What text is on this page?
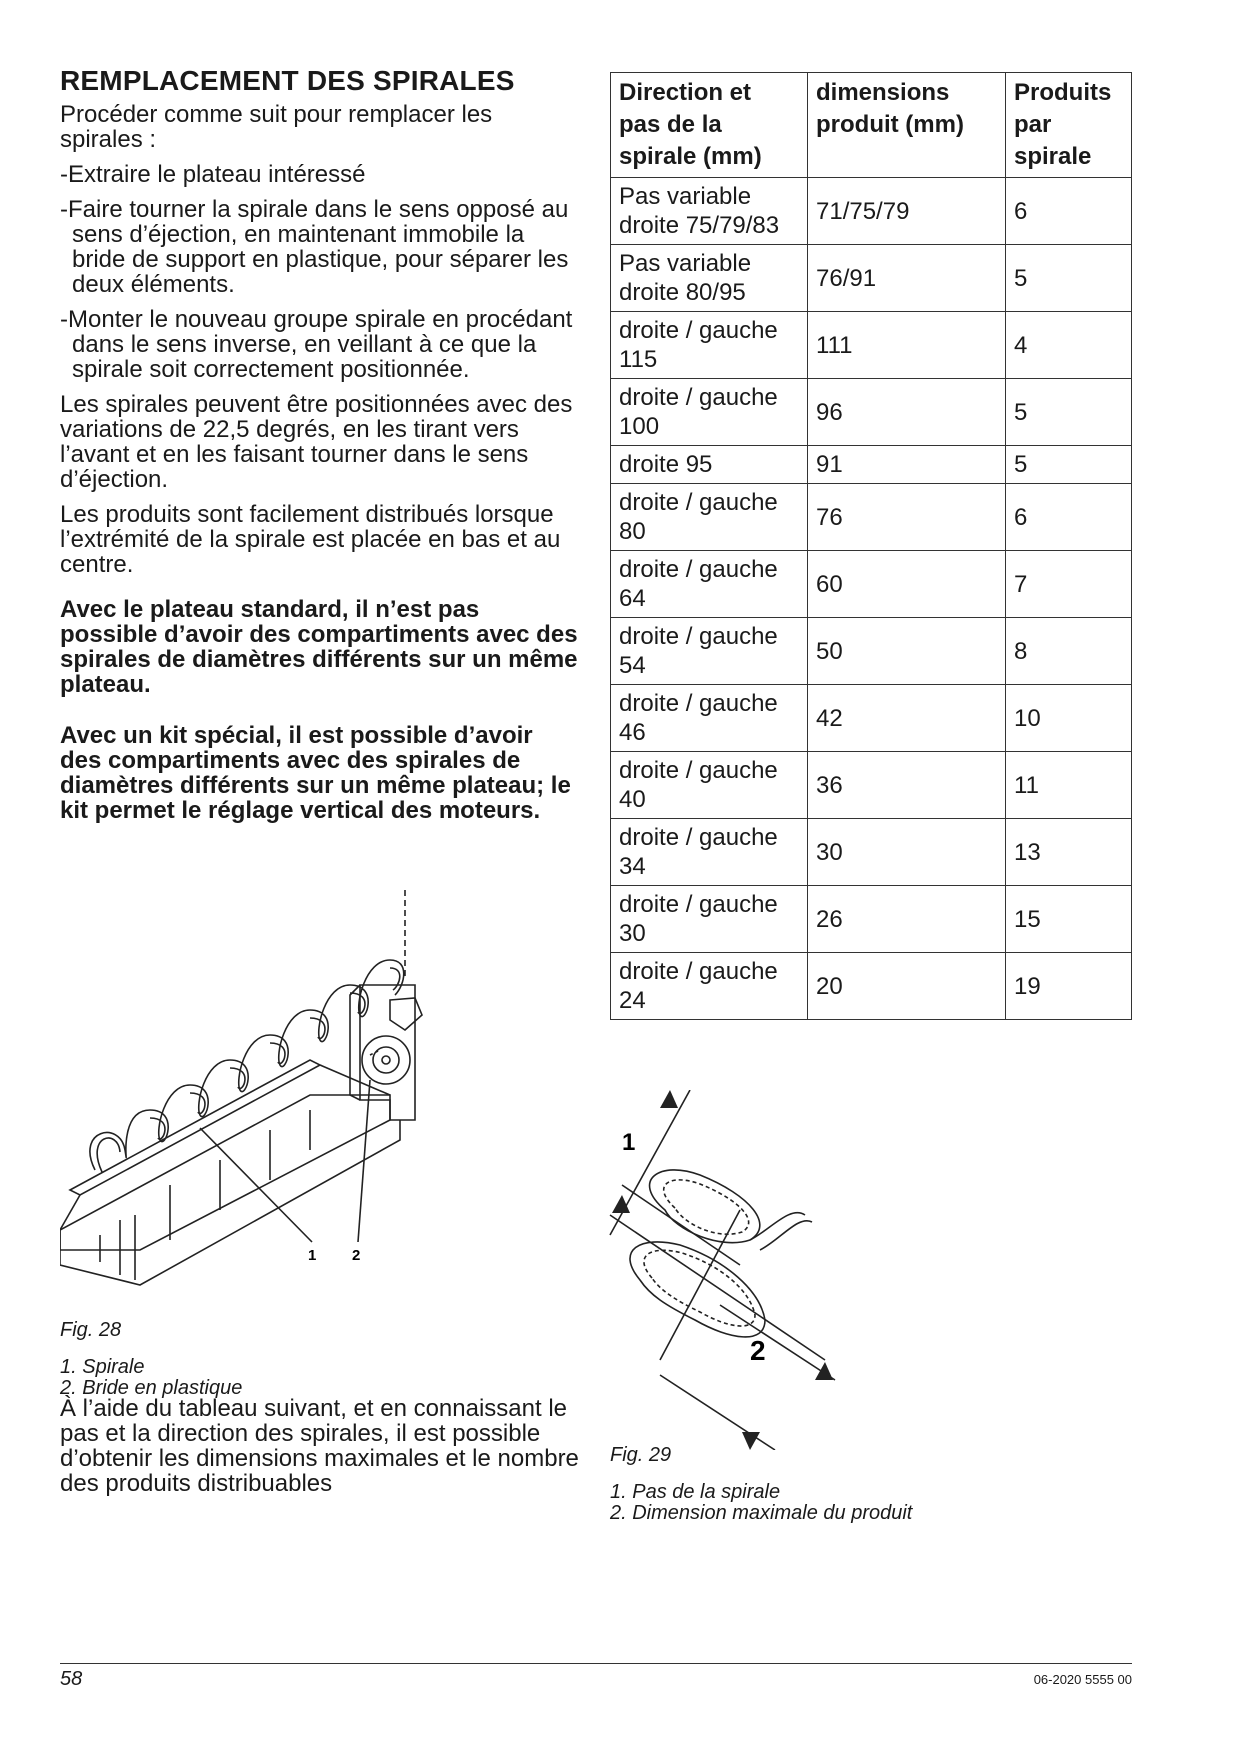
REMPLACEMENT DES SPIRALES

Procéder comme suit pour remplacer les spirales :

- Extraire le plateau intéressé
- Faire tourner la spirale dans le sens opposé au sens d’éjection, en maintenant immobile la bride de support en plastique, pour séparer les deux éléments.
- Monter le nouveau groupe spirale en procédant dans le sens inverse, en veillant à ce que la spirale soit correctement positionnée.

Les spirales peuvent être positionnées avec des variations de 22,5 degrés, en les tirant vers l’avant et en les faisant tourner dans le sens d’éjection.

Les produits sont facilement distribués lorsque l’extrémité de la spirale est placée en bas et au centre.

Avec le plateau standard, il n’est pas possible d’avoir des compartiments avec des spirales de diamètres différents sur un même plateau.

Avec un kit spécial, il est possible d’avoir des compartiments avec des spirales de diamètres différents sur un même plateau; le kit permet le réglage vertical des moteurs.

1 2
Fig. 28
1. Spirale
2. Bride en plastique

À l’aide du tableau suivant, et en connaissant le pas et la direction des spirales, il est possible d’obtenir les dimensions maximales et le nombre des produits distribuables

Direction et pas de la spirale (mm)	dimensions produit (mm)	Produits par spirale
Pas variable droite 75/79/83	71/75/79	6
Pas variable droite 80/95	76/91	5
droite / gauche 115	111	4
droite / gauche 100	96	5
droite 95	91	5
droite / gauche 80	76	6
droite / gauche 64	60	7
droite / gauche 54	50	8
droite / gauche 46	42	10
droite / gauche 40	36	11
droite / gauche 34	30	13
droite / gauche 30	26	15
droite / gauche 24	20	19
1
2
Fig. 29
1. Pas de la spirale
2. Dimension maximale du produit
58	06-2020 5555 00
